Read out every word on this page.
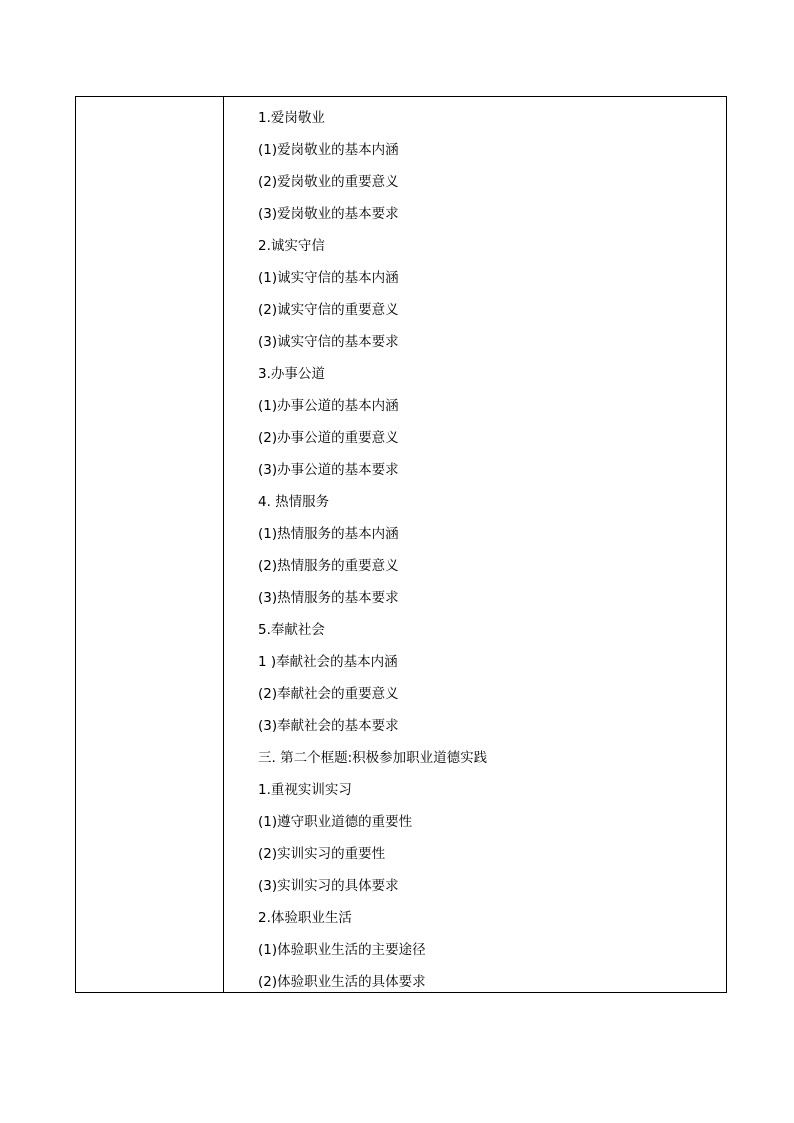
1.爱岗敬业
(1)爱岗敬业的基本内涵
(2)爱岗敬业的重要意义
(3)爱岗敬业的基本要求
2.诚实守信
(1)诚实守信的基本内涵
(2)诚实守信的重要意义
(3)诚实守信的基本要求
3.办事公道
(1)办事公道的基本内涵
(2)办事公道的重要意义
(3)办事公道的基本要求
4. 热情服务
(1)热情服务的基本内涵
(2)热情服务的重要意义
(3)热情服务的基本要求
5.奉献社会
1 )奉献社会的基本内涵
(2)奉献社会的重要意义
(3)奉献社会的基本要求
三. 第二个框题:积极参加职业道德实践
1.重视实训实习
(1)遵守职业道德的重要性
(2)实训实习的重要性
(3)实训实习的具体要求
2.体验职业生活
(1)体验职业生活的主要途径
(2)体验职业生活的具体要求
